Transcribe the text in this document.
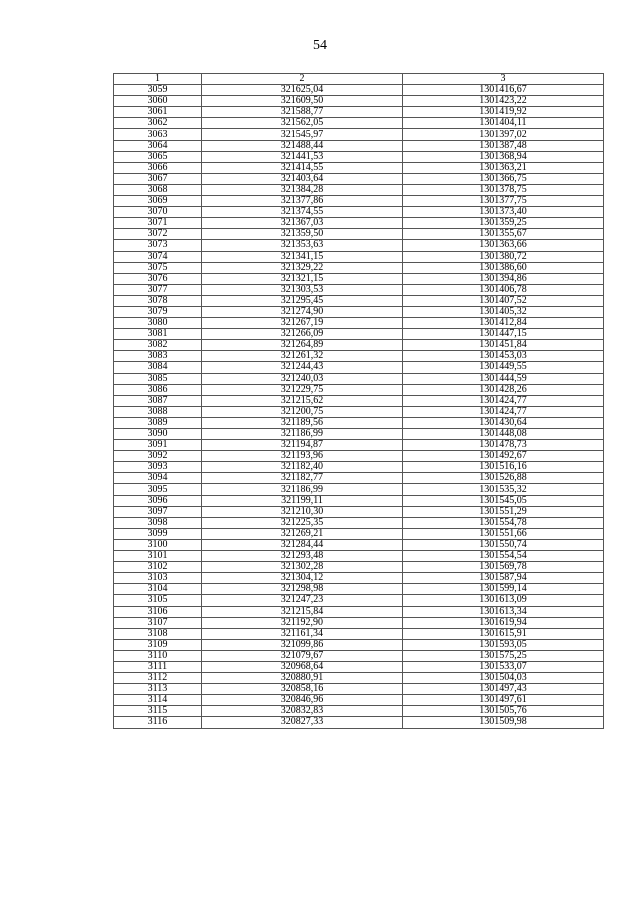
54
1	2	3
3059	321625,04	1301416,67
3060	321609,50	1301423,22
3061	321588,77	1301419,92
3062	321562,05	1301404,11
3063	321545,97	1301397,02
3064	321488,44	1301387,48
3065	321441,53	1301368,94
3066	321414,55	1301363,21
3067	321403,64	1301366,75
3068	321384,28	1301378,75
3069	321377,86	1301377,75
3070	321374,55	1301373,40
3071	321367,03	1301359,25
3072	321359,50	1301355,67
3073	321353,63	1301363,66
3074	321341,15	1301380,72
3075	321329,22	1301386,60
3076	321321,15	1301394,86
3077	321303,53	1301406,78
3078	321295,45	1301407,52
3079	321274,90	1301405,32
3080	321267,19	1301412,84
3081	321266,09	1301447,15
3082	321264,89	1301451,84
3083	321261,32	1301453,03
3084	321244,43	1301449,55
3085	321240,03	1301444,59
3086	321229,75	1301428,26
3087	321215,62	1301424,77
3088	321200,75	1301424,77
3089	321189,56	1301430,64
3090	321186,99	1301448,08
3091	321194,87	1301478,73
3092	321193,96	1301492,67
3093	321182,40	1301516,16
3094	321182,77	1301526,88
3095	321186,99	1301535,32
3096	321199,11	1301545,05
3097	321210,30	1301551,29
3098	321225,35	1301554,78
3099	321269,21	1301551,66
3100	321284,44	1301550,74
3101	321293,48	1301554,54
3102	321302,28	1301569,78
3103	321304,12	1301587,94
3104	321298,98	1301599,14
3105	321247,23	1301613,09
3106	321215,84	1301613,34
3107	321192,90	1301619,94
3108	321161,34	1301615,91
3109	321099,86	1301593,05
3110	321079,67	1301575,25
3111	320968,64	1301533,07
3112	320880,91	1301504,03
3113	320858,16	1301497,43
3114	320846,96	1301497,61
3115	320832,83	1301505,76
3116	320827,33	1301509,98
